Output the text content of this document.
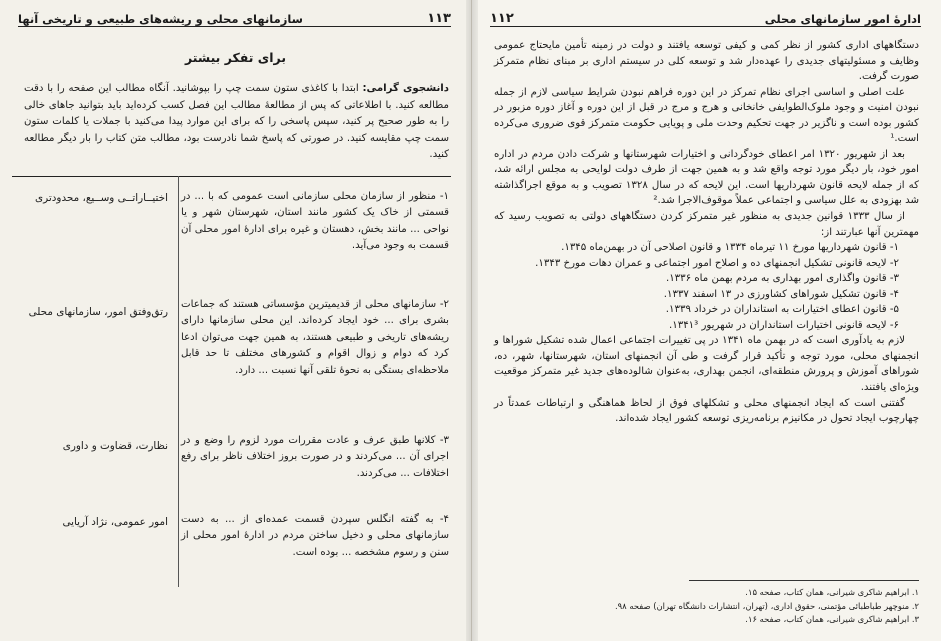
۱۱۳
سازمانهای محلی و ریشه‌های طبیعی و تاریخی آنها
برای تفکر بیشتر
دانشجوی گرامی: ابتدا با کاغذی ستون سمت چپ را بپوشانید. آنگاه مطالب این صفحه را با دقت مطالعه کنید. با اطلاعاتی که پس از مطالعهٔ مطالب این فصل کسب کرده‌اید باید بتوانید جاهای خالی را به طور صحیح پر کنید، سپس پاسخی را که برای این موارد پیدا می‌کنید با جملات یا کلمات ستون سمت چپ مقایسه کنید. در صورتی که پاسخ شما نادرست بود، مطالب متن کتاب را بار دیگر مطالعه کنید.
۱- منظور از سازمان محلی سازمانی است عمومی که با ... در قسمتی از خاک یک کشور مانند استان، شهرستان شهر و یا نواحی ... مانند بخش، دهستان و غیره برای ادارهٔ امور محلی آن قسمت به وجود می‌آید.
اختیــاراتــی وســیع، محدودتری
۲- سازمانهای محلی از قدیمیترین مؤسساتی هستند که جماعات بشری برای ... خود ایجاد کرده‌اند. این محلی سازمانها دارای ریشه‌های تاریخی و طبیعی هستند، به همین جهت می‌توان ادعا کرد که دوام و زوال اقوام و کشورهای مختلف تا حد قابل ملاحظه‌ای بستگی به نحوهٔ تلقی آنها نسبت ... دارد.
رتق‌وفتق امور، سازمانهای محلی
۳- کلانها طبق عرف و عادت مقررات مورد لزوم را وضع و در اجرای آن ... می‌کردند و در صورت بروز اختلاف ناظر برای رفع اختلافات ... می‌کردند.
نظارت، قضاوت و داوری
۴- به گفته انگلس سپردن قسمت عمده‌ای از ... به دست سازمانهای محلی و دخیل ساختن مردم در ادارهٔ امور محلی از سنن و رسوم مشخصه ... بوده است.
امور عمومی، نژاد آریایی
ادارهٔ امور سازمانهای محلی
۱۱۲

دستگاههای اداری کشور از نظر کمی و کیفی توسعه یافتند و دولت در زمینه تأمین مایحتاج عمومی وظایف و مسئولیتهای جدیدی را عهده‌دار شد و توسعه کلی در سیستم اداری بر مبنای نظام متمرکز صورت گرفت.

علت اصلی و اساسی اجرای نظام تمرکز در این دوره فراهم نبودن شرایط سیاسی لازم از جمله نبودن امنیت و وجود ملوک‌الطوایفی خانخانی و هرج و مرج در قبل از این دوره و آغاز دوره مزبور در کشور بوده است و ناگزیر در جهت تحکیم وحدت ملی و پویایی حکومت متمرکز قوی ضروری می‌کرده است.¹

بعد از شهریور ۱۳۲۰ امر اعطای خودگردانی و اختیارات شهرستانها و شرکت دادن مردم در اداره امور خود، بار دیگر مورد توجه واقع شد و به همین جهت از طرف دولت لوایحی به مجلس ارائه شد، که از جمله لایحه قانون شهرداریها است. این لایحه که در سال ۱۳۲۸ تصویب و به موقع اجراگذاشته شد بهزودی به علل سیاسی و اجتماعی عملاً موقوف‌الاجرا شد.²

از سال ۱۳۳۳ قوانین جدیدی به منظور غیر متمرکز کردن دستگاههای دولتی به تصویب رسید که مهمترین آنها عبارتند از:

۱- قانون شهرداریها مورخ ۱۱ تیرماه ۱۳۳۴ و قانون اصلاحی آن در بهمن‌ماه ۱۳۴۵.

۲- لایحه قانونی تشکیل انجمنهای ده و اصلاح امور اجتماعی و عمران دهات مورخ ۱۳۴۳.

۳- قانون واگذاری امور بهداری به مردم بهمن ماه ۱۳۳۶.

۴- قانون تشکیل شوراهای کشاورزی در ۱۳ اسفند ۱۳۳۷.

۵- قانون اعطای اختیارات به استانداران در خرداد ۱۳۳۹.

۶- لایحه قانونی اختیارات استانداران در شهریور ۱۳۴۱³.

لازم به یادآوری است که در بهمن ماه ۱۳۴۱ در پی تغییرات اجتماعی اعمال شده تشکیل شوراها و انجمنهای محلی، مورد توجه و تأکید قرار گرفت و طی آن انجمنهای استان، شهرستانها، شهر، ده، شوراهای آموزش و پرورش منطقه‌ای، انجمن بهداری، به‌عنوان شالوده‌های جدید غیر متمرکز موقعیت ویژه‌ای یافتند.

گفتنی است که ایجاد انجمنهای محلی و تشکلهای فوق از لحاظ هماهنگی و ارتباطات عمدتاً در چهارچوب ایجاد تحول در مکانیزم برنامه‌ریزی توسعه کشور ایجاد شده‌اند.

۱. ابراهیم شاکری شیرانی، همان کتاب، صفحه ۱۵.
۲. منوچهر طباطبائی مؤتمنی، حقوق اداری، (تهران، انتشارات دانشگاه تهران) صفحه ۹۸.
۳. ابراهیم شاکری شیرانی، همان کتاب، صفحه ۱۶.
